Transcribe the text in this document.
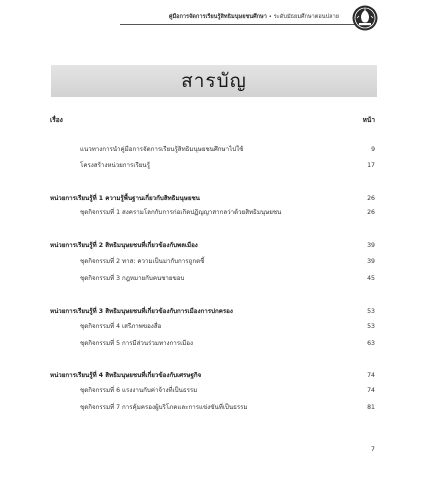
คู่มือการจัดการเรียนรู้สิทธิมนุษยชนศึกษา • ระดับมัธยมศึกษาตอนปลาย
สารบัญ
เรื่อง	หน้า
แนวทางการนำคู่มือการจัดการเรียนรู้สิทธิมนุษยชนศึกษาไปใช้	9
โครงสร้างหน่วยการเรียนรู้	17
หน่วยการเรียนรู้ที่ 1 ความรู้พื้นฐานเกี่ยวกับสิทธิมนุษยชน	26
ชุดกิจกรรมที่ 1 สงครามโลกกับการก่อเกิดปฏิญญาสากลว่าด้วยสิทธิมนุษยชน	26
หน่วยการเรียนรู้ที่ 2 สิทธิมนุษยชนที่เกี่ยวข้องกับพลเมือง	39
ชุดกิจกรรมที่ 2 ทาส: ความเป็นมากับการถูกตชี้	39
ชุดกิจกรรมที่ 3 กฎหมายกับคนชายขอบ	45
หน่วยการเรียนรู้ที่ 3 สิทธิมนุษยชนที่เกี่ยวข้องกับการเมืองการปกครอง	53
ชุดกิจกรรมที่ 4 เสรีภาพของสื่อ	53
ชุดกิจกรรมที่ 5 การมีส่วนร่วมทางการเมือง	63
หน่วยการเรียนรู้ที่ 4 สิทธิมนุษยชนที่เกี่ยวข้องกับเศรษฐกิจ	74
ชุดกิจกรรมที่ 6 แรงงานกับค่าจ้างที่เป็นธรรม	74
ชุดกิจกรรมที่ 7 การคุ้มครองผู้บริโภคและการแข่งขันที่เป็นธรรม	81
7
